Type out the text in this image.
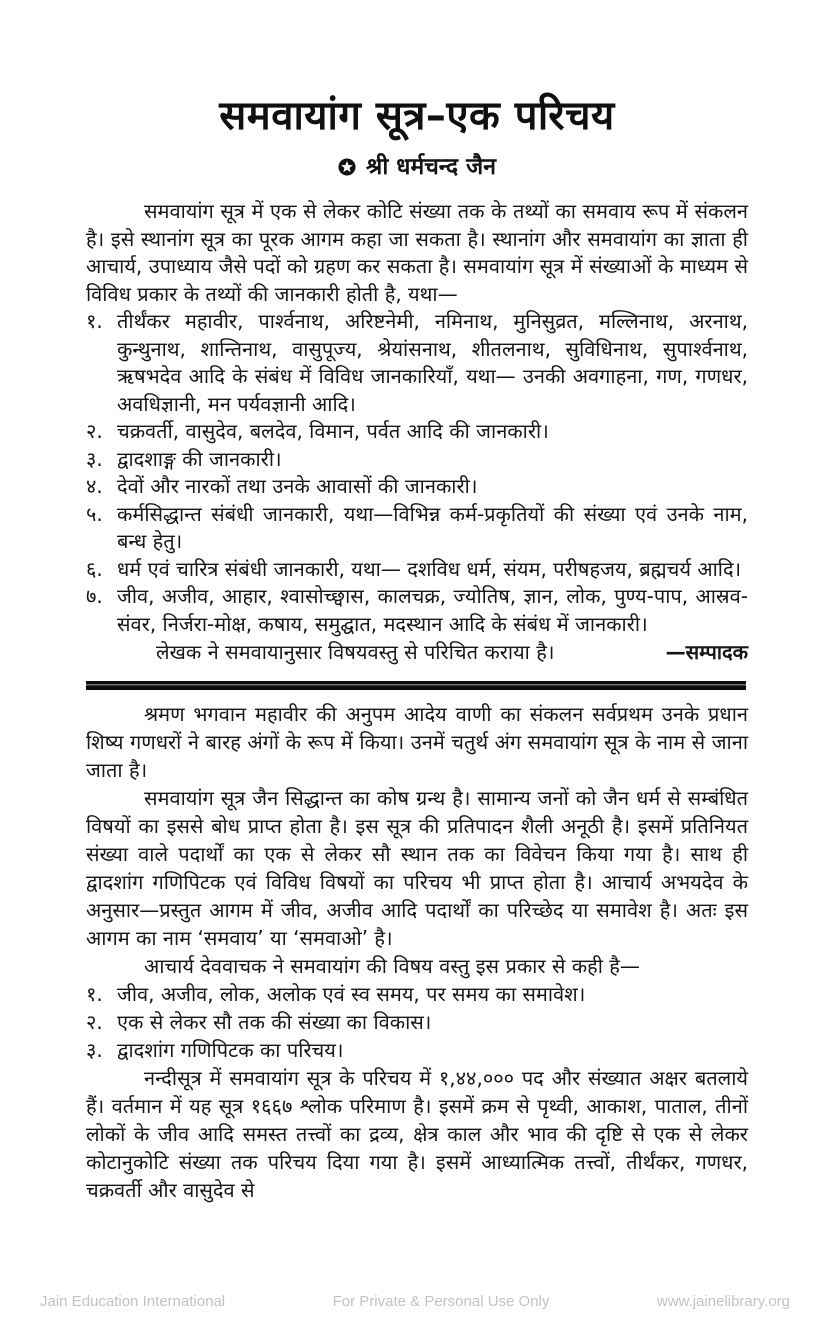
समवायांग सूत्र–एक परिचय
श्री धर्मचन्द जैन

समवायांग सूत्र में एक से लेकर कोटि संख्या तक के तथ्यों का समवाय रूप में संकलन है। इसे स्थानांग सूत्र का पूरक आगम कहा जा सकता है। स्थानांग और समवायांग का ज्ञाता ही आचार्य, उपाध्याय जैसे पदों को ग्रहण कर सकता है। समवायांग सूत्र में संख्याओं के माध्यम से विविध प्रकार के तथ्यों की जानकारी होती है, यथा—

१. तीर्थंकर महावीर, पार्श्वनाथ, अरिष्टनेमी, नमिनाथ, मुनिसुव्रत, मल्लिनाथ, अरनाथ, कुन्थुनाथ, शान्तिनाथ, वासुपूज्य, श्रेयांसनाथ, शीतलनाथ, सुविधिनाथ, सुपार्श्वनाथ, ऋषभदेव आदि के संबंध में विविध जानकारियाँ, यथा— उनकी अवगाहना, गण, गणधर, अवधिज्ञानी, मन पर्यवज्ञानी आदि।
२. चक्रवर्ती, वासुदेव, बलदेव, विमान, पर्वत आदि की जानकारी।
३. द्वादशाङ्ग की जानकारी।
४. देवों और नारकों तथा उनके आवासों की जानकारी।
५. कर्मसिद्धान्त संबंधी जानकारी, यथा—विभिन्न कर्म-प्रकृतियों की संख्या एवं उनके नाम, बन्ध हेतु।
६. धर्म एवं चारित्र संबंधी जानकारी, यथा— दशविध धर्म, संयम, परीषहजय, ब्रह्मचर्य आदि।
७. जीव, अजीव, आहार, श्वासोच्छ्वास, कालचक्र, ज्योतिष, ज्ञान, लोक, पुण्य-पाप, आस्रव-संवर, निर्जरा-मोक्ष, कषाय, समुद्घात, मदस्थान आदि के संबंध में जानकारी।
लेखक ने समवायानुसार विषयवस्तु से परिचित कराया है।	—सम्पादक

श्रमण भगवान महावीर की अनुपम आदेय वाणी का संकलन सर्वप्रथम उनके प्रधान शिष्य गणधरों ने बारह अंगों के रूप में किया। उनमें चतुर्थ अंग समवायांग सूत्र के नाम से जाना जाता है।

समवायांग सूत्र जैन सिद्धान्त का कोष ग्रन्थ है। सामान्य जनों को जैन धर्म से सम्बंधित विषयों का इससे बोध प्राप्त होता है। इस सूत्र की प्रतिपादन शैली अनूठी है। इसमें प्रतिनियत संख्या वाले पदार्थों का एक से लेकर सौ स्थान तक का विवेचन किया गया है। साथ ही द्वादशांग गणिपिटक एवं विविध विषयों का परिचय भी प्राप्त होता है। आचार्य अभयदेव के अनुसार—प्रस्तुत आगम में जीव, अजीव आदि पदार्थों का परिच्छेद या समावेश है। अतः इस आगम का नाम ‘समवाय’ या ‘समवाओ’ है।

आचार्य देववाचक ने समवायांग की विषय वस्तु इस प्रकार से कही है—

१. जीव, अजीव, लोक, अलोक एवं स्व समय, पर समय का समावेश।
२. एक से लेकर सौ तक की संख्या का विकास।
३. द्वादशांग गणिपिटक का परिचय।

नन्दीसूत्र में समवायांग सूत्र के परिचय में १,४४,००० पद और संख्यात अक्षर बतलाये हैं। वर्तमान में यह सूत्र १६६७ श्लोक परिमाण है। इसमें क्रम से पृथ्वी, आकाश, पाताल, तीनों लोकों के जीव आदि समस्त तत्त्वों का द्रव्य, क्षेत्र काल और भाव की दृष्टि से एक से लेकर कोटानुकोटि संख्या तक परिचय दिया गया है। इसमें आध्यात्मिक तत्त्वों, तीर्थंकर, गणधर, चक्रवर्ती और वासुदेव से

Jain Education International	For Private & Personal Use Only	www.jainelibrary.org
